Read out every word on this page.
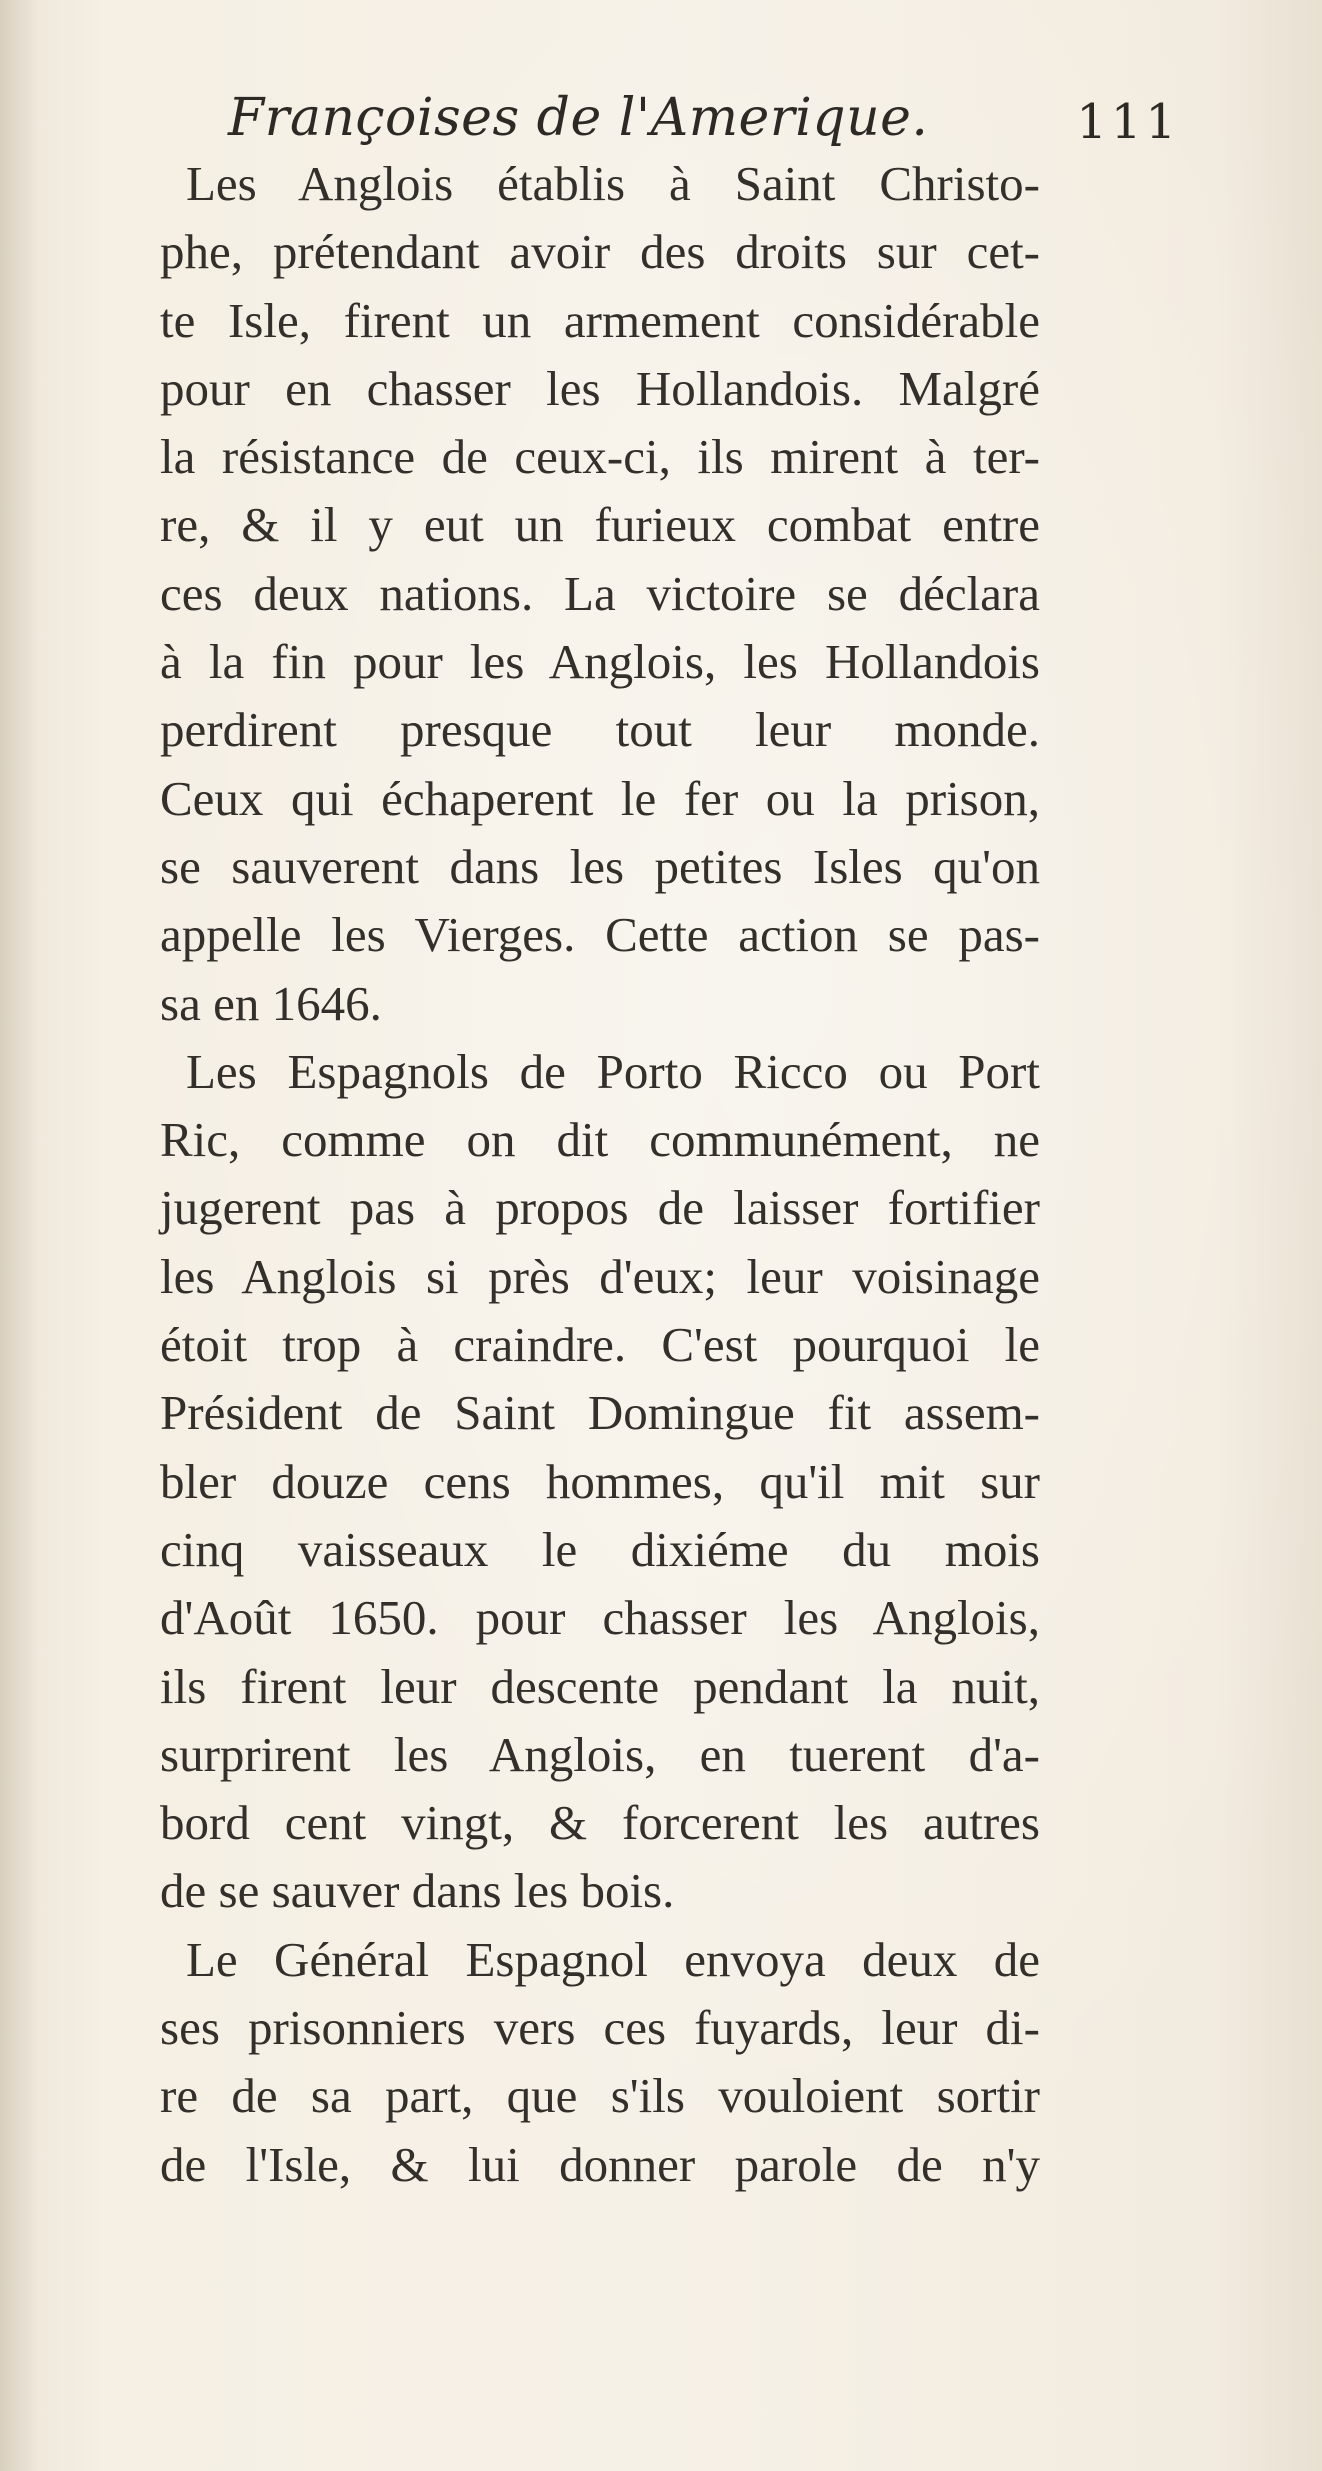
Françoises de l'Amerique.	111
Les Anglois établis à Saint Christo-
phe, prétendant avoir des droits sur cet-
te Isle, firent un armement considérable
pour en chasser les Hollandois. Malgré
la résistance de ceux-ci, ils mirent à ter-
re, & il y eut un furieux combat entre
ces deux nations. La victoire se déclara
à la fin pour les Anglois, les Hollandois
perdirent presque tout leur monde.
Ceux qui échaperent le fer ou la prison,
se sauverent dans les petites Isles qu'on
appelle les Vierges. Cette action se pas-
sa en 1646.
Les Espagnols de Porto Ricco ou Port
Ric, comme on dit communément, ne
jugerent pas à propos de laisser fortifier
les Anglois si près d'eux; leur voisinage
étoit trop à craindre. C'est pourquoi le
Président de Saint Domingue fit assem-
bler douze cens hommes, qu'il mit sur
cinq vaisseaux le dixiéme du mois
d'Août 1650. pour chasser les Anglois,
ils firent leur descente pendant la nuit,
surprirent les Anglois, en tuerent d'a-
bord cent vingt, & forcerent les autres
de se sauver dans les bois.
Le Général Espagnol envoya deux de
ses prisonniers vers ces fuyards, leur di-
re de sa part, que s'ils vouloient sortir
de l'Isle, & lui donner parole de n'y
